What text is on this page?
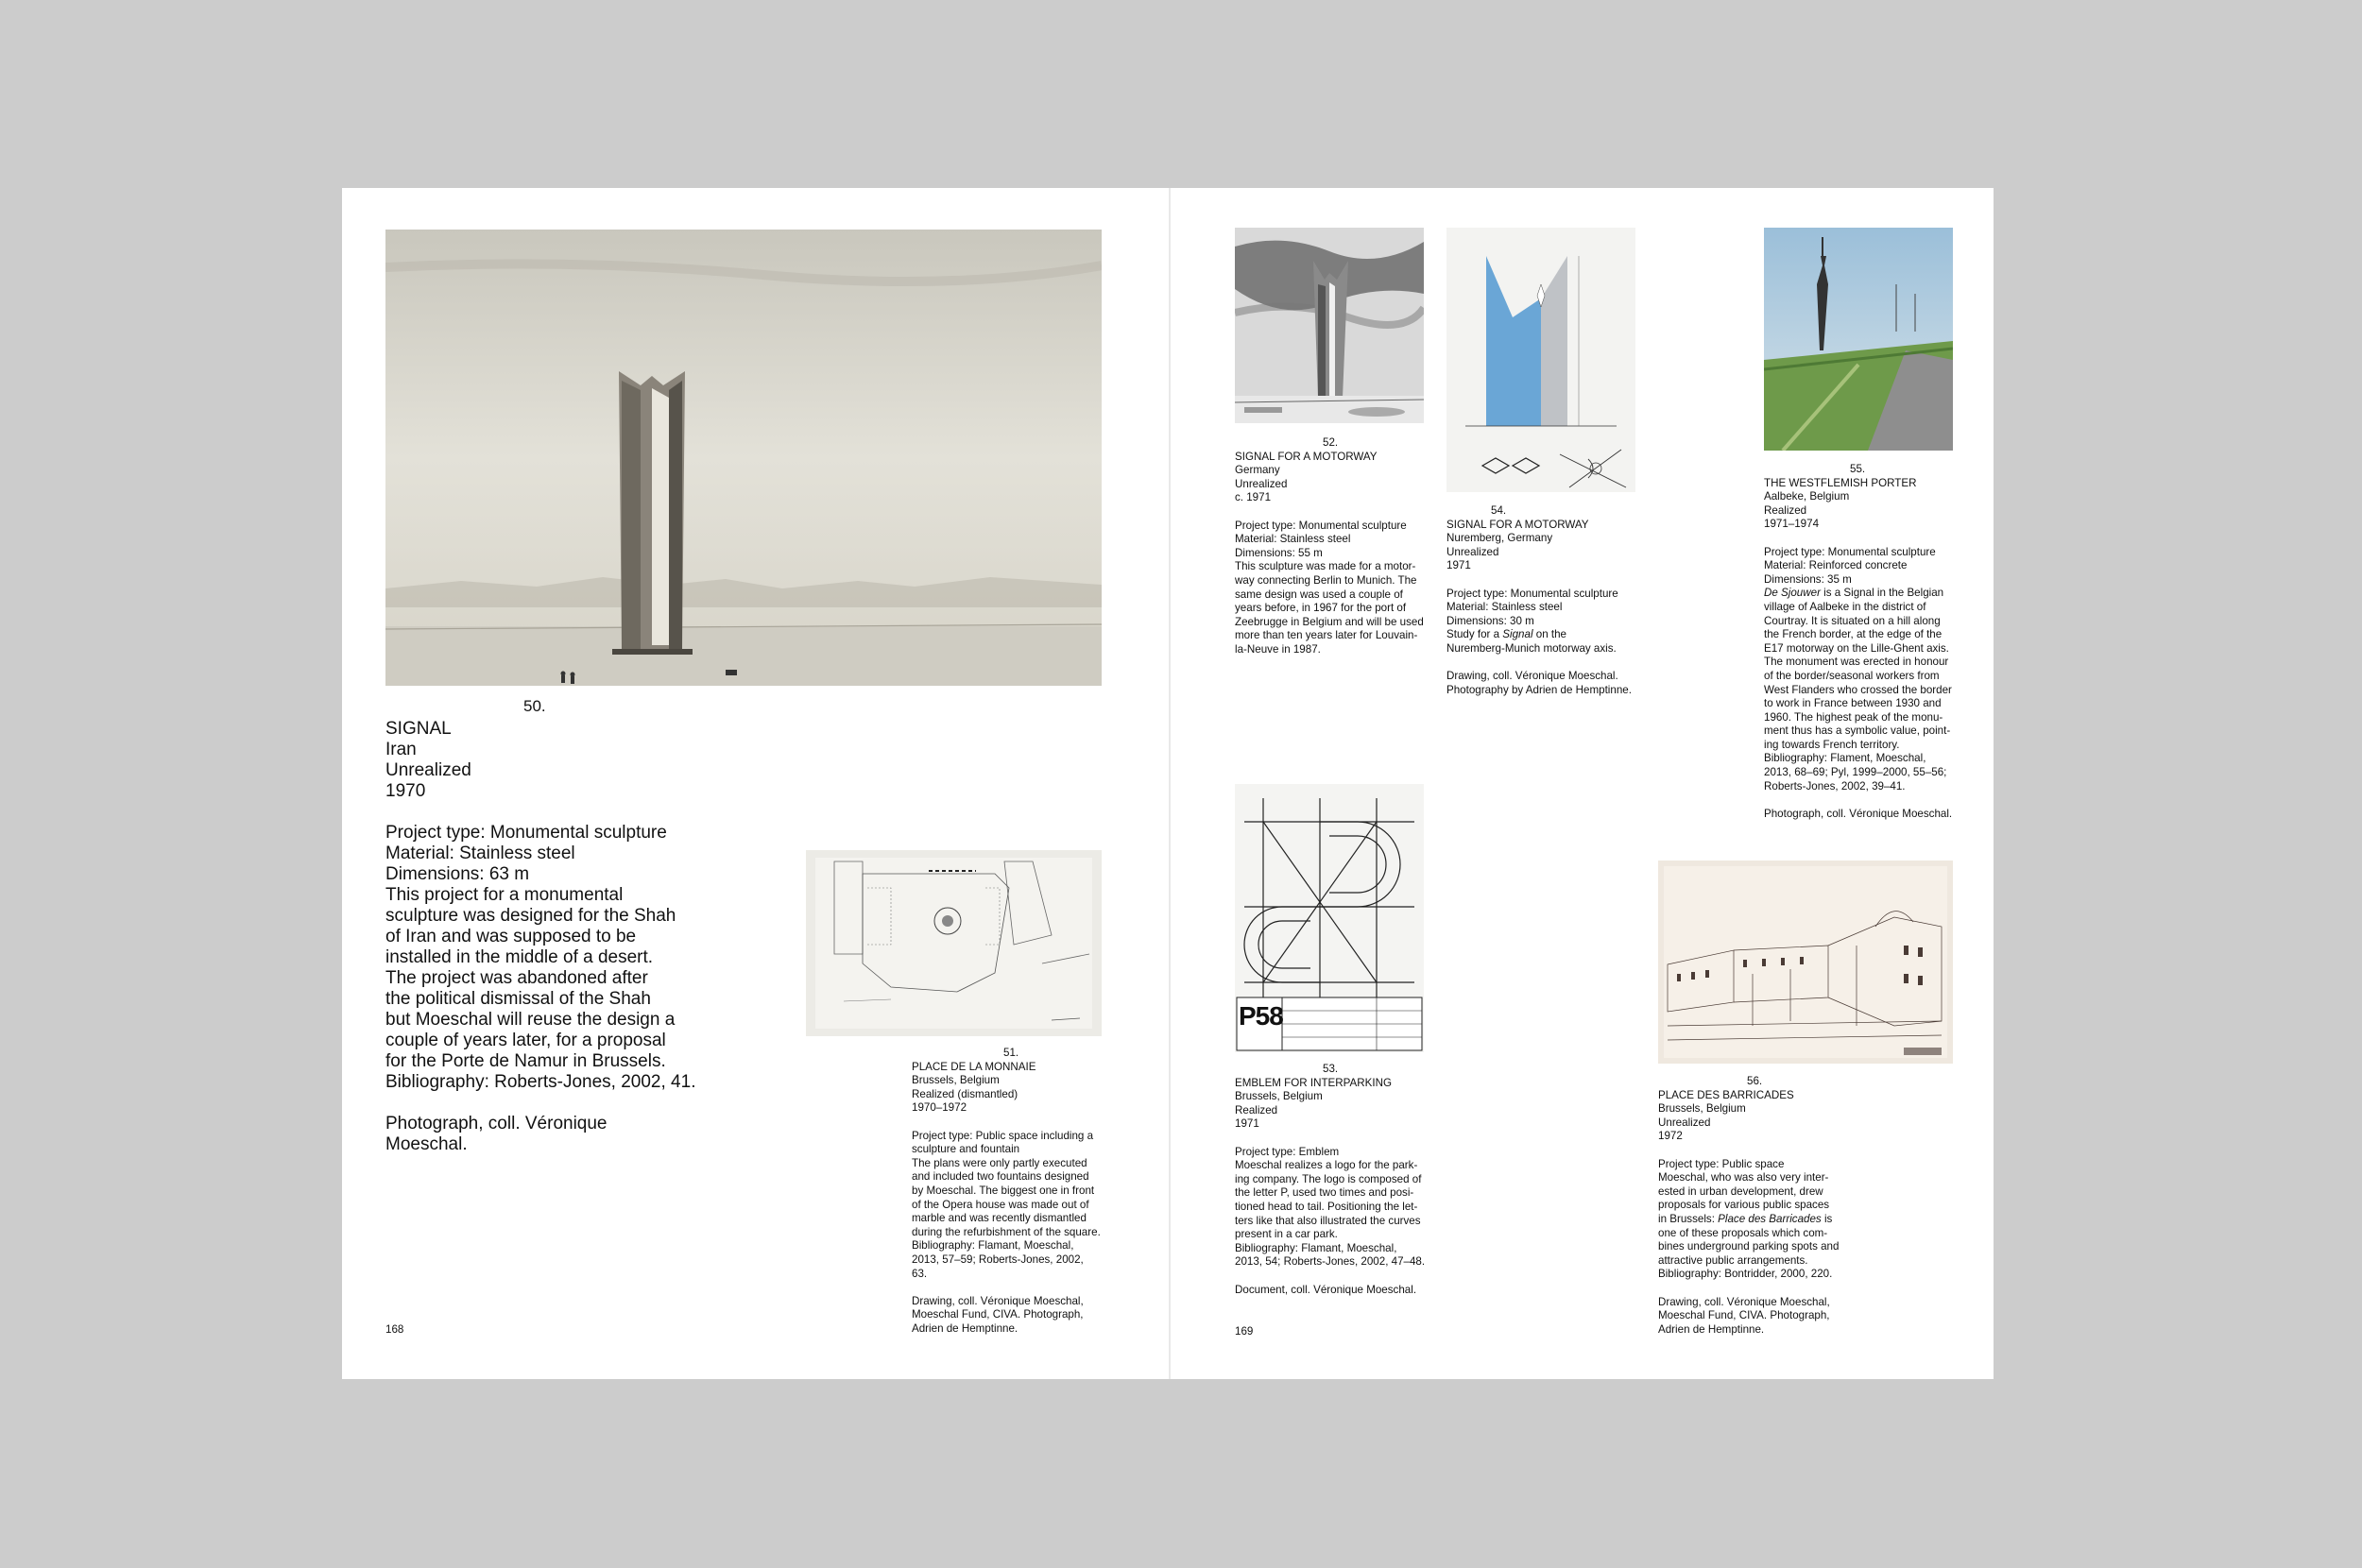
50.
SIGNAL
Iran
Unrealized
1970
Project type: Monumental sculpture
Material: Stainless steel
Dimensions: 63 m
This project for a monumental
sculpture was designed for the Shah
of Iran and was supposed to be
installed in the middle of a desert.
The project was abandoned after
the political dismissal of the Shah
but Moeschal will reuse the design a
couple of years later, for a proposal
for the Porte de Namur in Brussels.
Bibliography: Roberts-Jones, 2002, 41.
Photograph, coll. Véronique
Moeschal.
51.
PLACE DE LA MONNAIE
Brussels, Belgium
Realized (dismantled)
1970–1972
Project type: Public space including a
sculpture and fountain
The plans were only partly executed
and included two fountains designed
by Moeschal. The biggest one in front
of the Opera house was made out of
marble and was recently dismantled
during the refurbishment of the square.
Bibliography: Flamant, Moeschal,
2013, 57–59; Roberts-Jones, 2002,
63.
Drawing, coll. Véronique Moeschal,
Moeschal Fund, CIVA. Photograph,
Adrien de Hemptinne.
168
52.
SIGNAL FOR A MOTORWAY
Germany
Unrealized
c. 1971
Project type: Monumental sculpture
Material: Stainless steel
Dimensions: 55 m
This sculpture was made for a motor-
way connecting Berlin to Munich. The
same design was used a couple of
years before, in 1967 for the port of
Zeebrugge in Belgium and will be used
more than ten years later for Louvain-
la-Neuve in 1987.
54.
SIGNAL FOR A MOTORWAY
Nuremberg, Germany
Unrealized
1971
Project type: Monumental sculpture
Material: Stainless steel
Dimensions: 30 m
Study for a Signal on the
Nuremberg-Munich motorway axis.
Drawing, coll. Véronique Moeschal.
Photography by Adrien de Hemptinne.
55.
THE WESTFLEMISH PORTER
Aalbeke, Belgium
Realized
1971–1974
Project type: Monumental sculpture
Material: Reinforced concrete
Dimensions: 35 m
De Sjouwer is a Signal in the Belgian
village of Aalbeke in the district of
Courtray. It is situated on a hill along
the French border, at the edge of the
E17 motorway on the Lille-Ghent axis.
The monument was erected in honour
of the border/seasonal workers from
West Flanders who crossed the border
to work in France between 1930 and
1960. The highest peak of the monu-
ment thus has a symbolic value, point-
ing towards French territory.
Bibliography: Flament, Moeschal,
2013, 68–69; Pyl, 1999–2000, 55–56;
Roberts-Jones, 2002, 39–41.
Photograph, coll. Véronique Moeschal.
P58
53.
EMBLEM FOR INTERPARKING
Brussels, Belgium
Realized
1971
Project type: Emblem
Moeschal realizes a logo for the park-
ing company. The logo is composed of
the letter P, used two times and posi-
tioned head to tail. Positioning the let-
ters like that also illustrated the curves
present in a car park.
Bibliography: Flamant, Moeschal,
2013, 54; Roberts-Jones, 2002, 47–48.
Document, coll. Véronique Moeschal.
56.
PLACE DES BARRICADES
Brussels, Belgium
Unrealized
1972
Project type: Public space
Moeschal, who was also very inter-
ested in urban development, drew
proposals for various public spaces
in Brussels: Place des Barricades is
one of these proposals which com-
bines underground parking spots and
attractive public arrangements.
Bibliography: Bontridder, 2000, 220.
Drawing, coll. Véronique Moeschal,
Moeschal Fund, CIVA. Photograph,
Adrien de Hemptinne.
169
